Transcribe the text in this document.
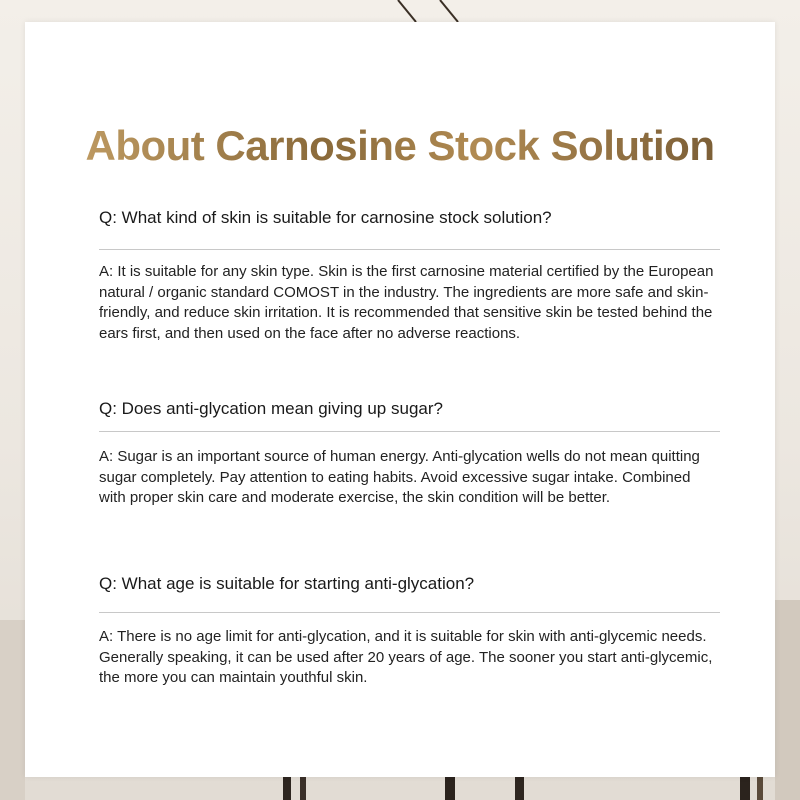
About Carnosine Stock Solution

Q: What kind of skin is suitable for carnosine stock solution?

A: It is suitable for any skin type. Skin is the first carnosine material certified by the European natural / organic standard COMOST in the industry. The ingredients are more safe and skin-friendly, and reduce skin irritation. It is recommended that sensitive skin be tested behind the ears first, and then used on the face after no adverse reactions.

Q: Does anti-glycation mean giving up sugar?

A: Sugar is an important source of human energy. Anti-glycation wells do not mean quitting sugar completely. Pay attention to eating habits. Avoid excessive sugar intake. Combined with proper skin care and moderate exercise, the skin condition will be better.

Q: What age is suitable for starting anti-glycation?

A: There is no age limit for anti-glycation, and it is suitable for skin with anti-glycemic needs. Generally speaking, it can be used after 20 years of age. The sooner you start anti-glycemic, the more you can maintain youthful skin.
